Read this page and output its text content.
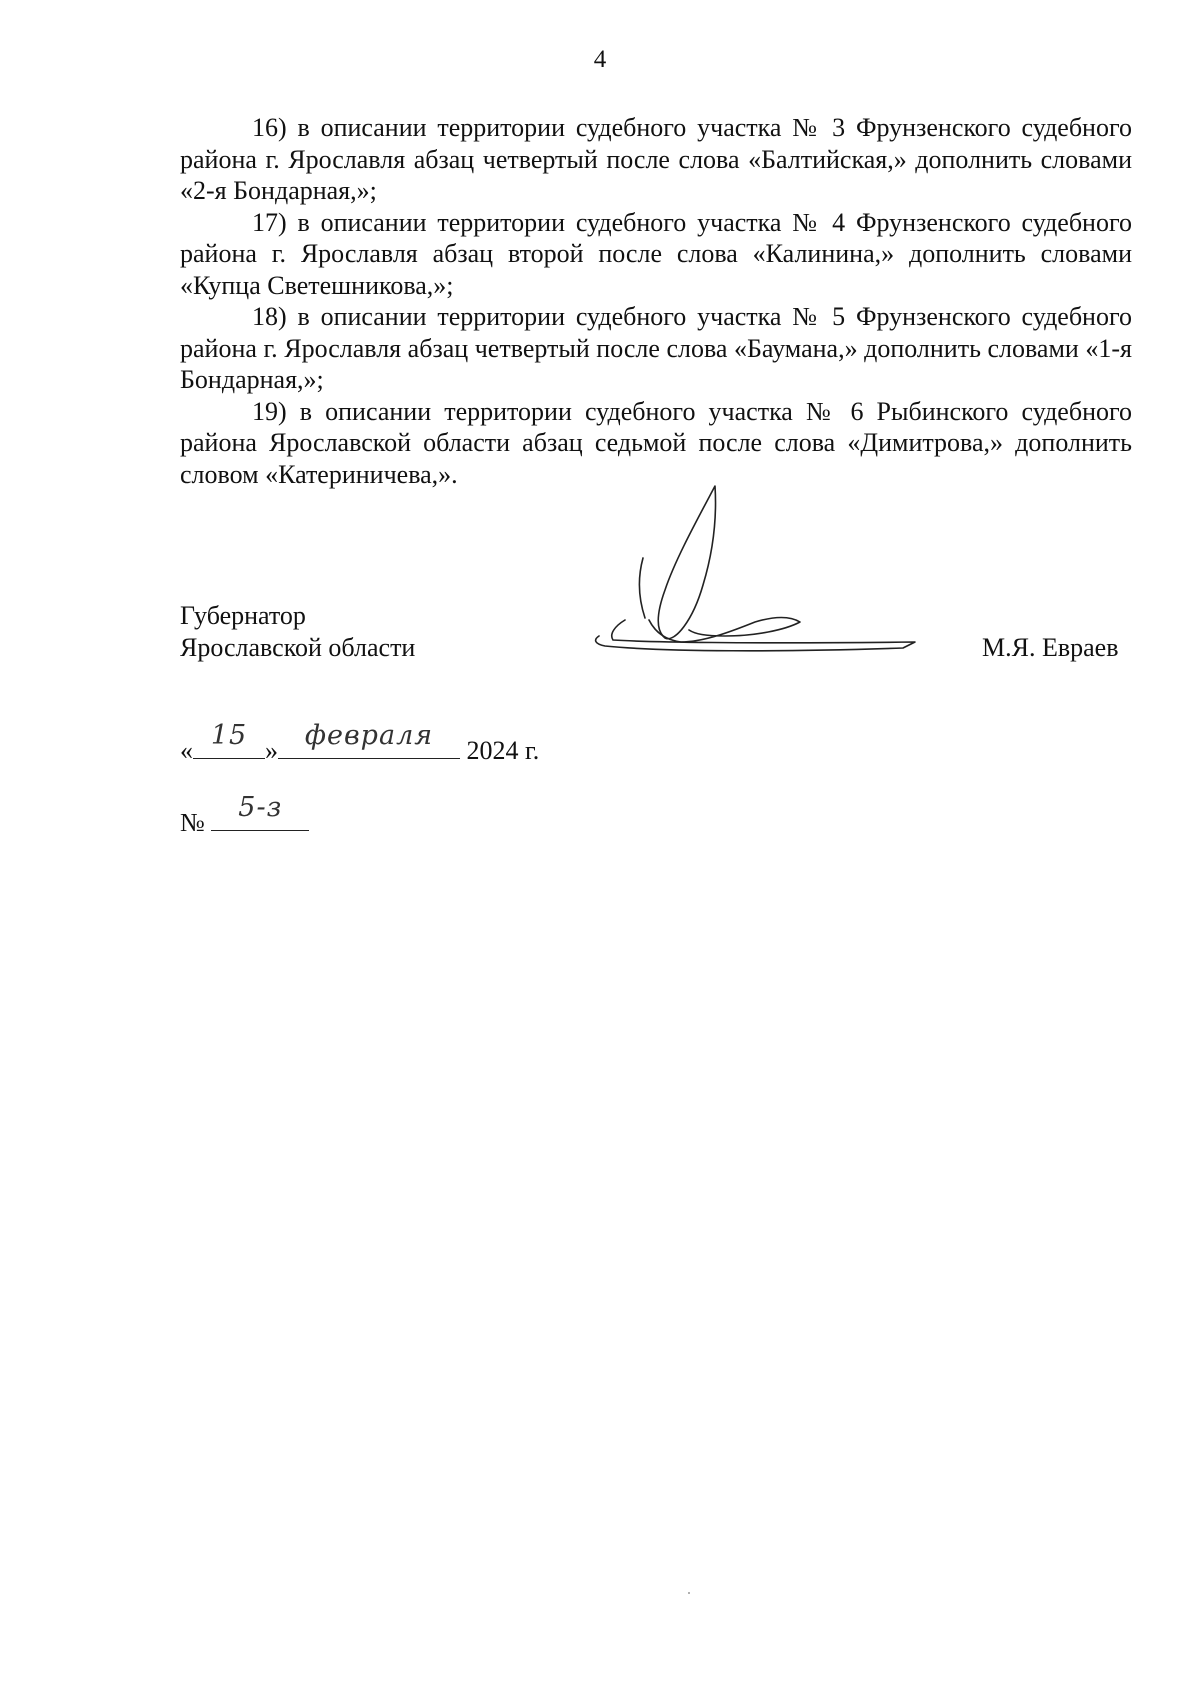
4

16) в описании территории судебного участка № 3 Фрунзенского судебного района г. Ярославля абзац четвертый после слова «Балтийская,» дополнить словами «2-я Бондарная,»;

17) в описании территории судебного участка № 4 Фрунзенского судебного района г. Ярославля абзац второй после слова «Калинина,» дополнить словами «Купца Светешникова,»;

18) в описании территории судебного участка № 5 Фрунзенского судебного района г. Ярославля абзац четвертый после слова «Баумана,» дополнить словами «1-я Бондарная,»;

19) в описании территории судебного участка № 6 Рыбинского судебного района Ярославской области абзац седьмой после слова «Димитрова,» дополнить словом «Катериничева,».

Губернатор
Ярославской области	М.Я. Евраев
« 15 » февраля	2024 г.
№	5-з
